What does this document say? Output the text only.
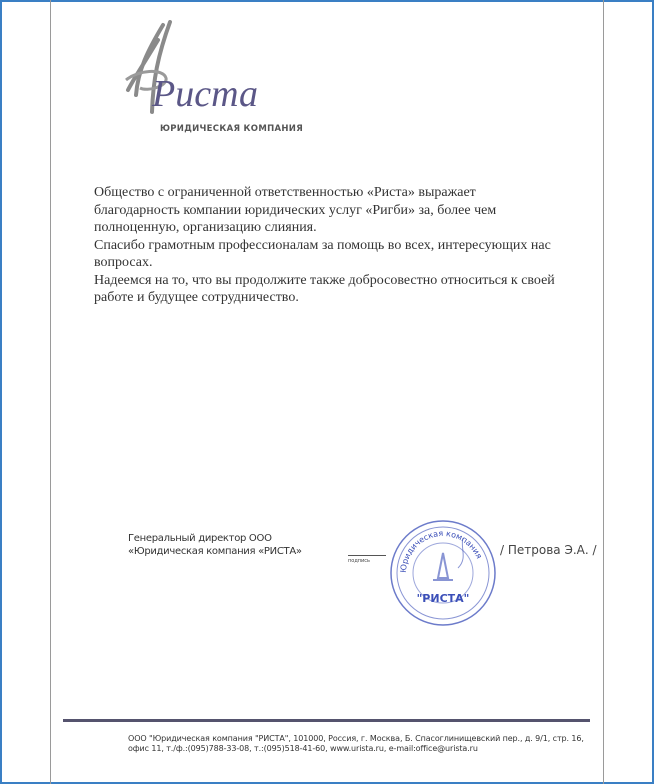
Риста
ЮРИДИЧЕСКАЯ КОМПАНИЯ

Общество с ограниченной ответственностью «Риста» выражает благодарность компании юридических услуг «Ригби» за, более чем полноценную, организацию слияния.

Спасибо грамотным профессионалам за помощь во всех, интересующих нас вопросах.

Надеемся на то, что вы продолжите также добросовестно относиться к своей работе и будущее сотрудничество.

Генеральный директор ООО
«Юридическая компания «РИСТА»
подпись
Юридическая компания
"РИСТА"
/ Петрова Э.А. /
ООО "Юридическая компания "РИСТА", 101000, Россия, г. Москва, Б. Спасоглинищевский пер., д. 9/1, стр. 16,
офис 11, т./ф.:(095)788-33-08, т.:(095)518-41-60, www.urista.ru, e-mail:office@urista.ru
